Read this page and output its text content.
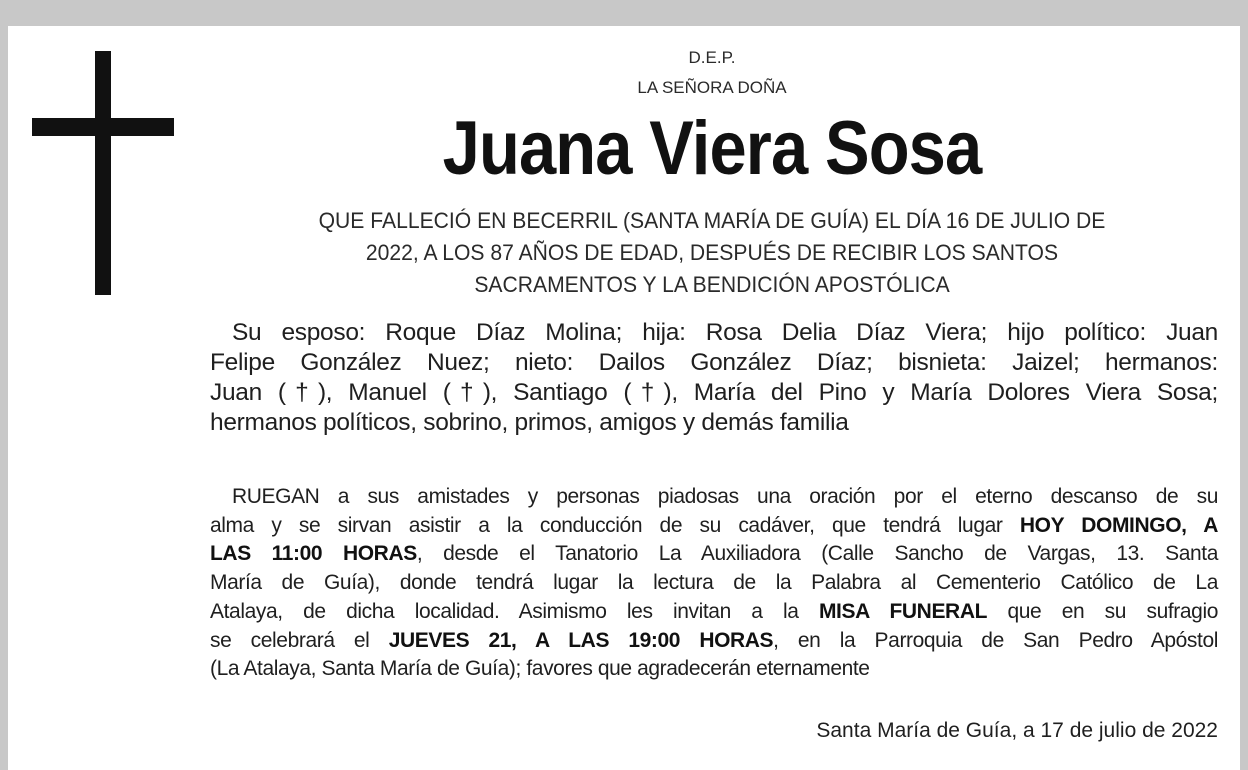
D.E.P.
LA SEÑORA DOÑA
Juana Viera Sosa
QUE FALLECIÓ EN BECERRIL (SANTA MARÍA DE GUÍA) EL DÍA 16 DE JULIO DE
2022, A LOS 87 AÑOS DE EDAD, DESPUÉS DE RECIBIR LOS SANTOS
SACRAMENTOS Y LA BENDICIÓN APOSTÓLICA
Su esposo: Roque Díaz Molina; hija: Rosa Delia Díaz Viera; hijo político: Juan
Felipe González Nuez; nieto: Dailos González Díaz; bisnieta: Jaizel; hermanos:
Juan (†), Manuel (†), Santiago (†), María del Pino y María Dolores Viera Sosa;
hermanos políticos, sobrino, primos, amigos y demás familia
RUEGAN a sus amistades y personas piadosas una oración por el eterno descanso de su
alma y se sirvan asistir a la conducción de su cadáver, que tendrá lugar HOY DOMINGO, A
LAS 11:00 HORAS, desde el Tanatorio La Auxiliadora (Calle Sancho de Vargas, 13. Santa
María de Guía), donde tendrá lugar la lectura de la Palabra al Cementerio Católico de La
Atalaya, de dicha localidad. Asimismo les invitan a la MISA FUNERAL que en su sufragio
se celebrará el JUEVES 21, A LAS 19:00 HORAS, en la Parroquia de San Pedro Apóstol
(La Atalaya, Santa María de Guía); favores que agradecerán eternamente
Santa María de Guía, a 17 de julio de 2022
